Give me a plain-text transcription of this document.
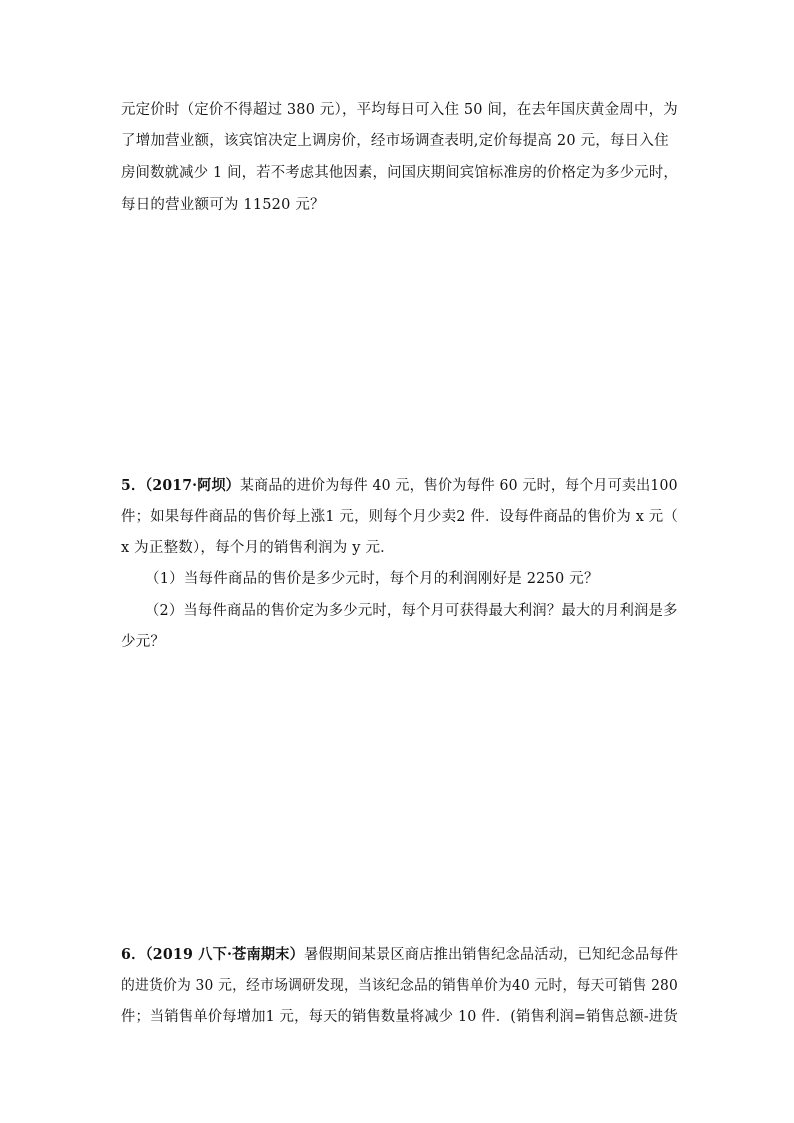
元定价时（定价不得超过 380 元），平均每日可入住 50 间，在去年国庆黄金周中，为
了增加营业额，该宾馆决定上调房价，经市场调查表明,定价每提高 20 元，每日入住
房间数就减少 1 间，若不考虑其他因素，问国庆期间宾馆标准房的价格定为多少元时，
每日的营业额可为 11520 元？
5．（2017·阿坝）某商品的进价为每件 40 元，售价为每件 60 元时，每个月可卖出100
件；如果每件商品的售价每上涨1 元，则每个月少卖2 件．设每件商品的售价为 x 元（
x 为正整数），每个月的销售利润为 y 元．
（1）当每件商品的售价是多少元时，每个月的利润刚好是 2250 元？
（2）当每件商品的售价定为多少元时，每个月可获得最大利润？最大的月利润是多
少元？
6．（2019 八下·苍南期末）暑假期间某景区商店推出销售纪念品活动，已知纪念品每件
的进货价为 30 元，经市场调研发现，当该纪念品的销售单价为40 元时，每天可销售 280
件；当销售单价每增加1 元，每天的销售数量将减少 10 件．(销售利润=销售总额-进货
